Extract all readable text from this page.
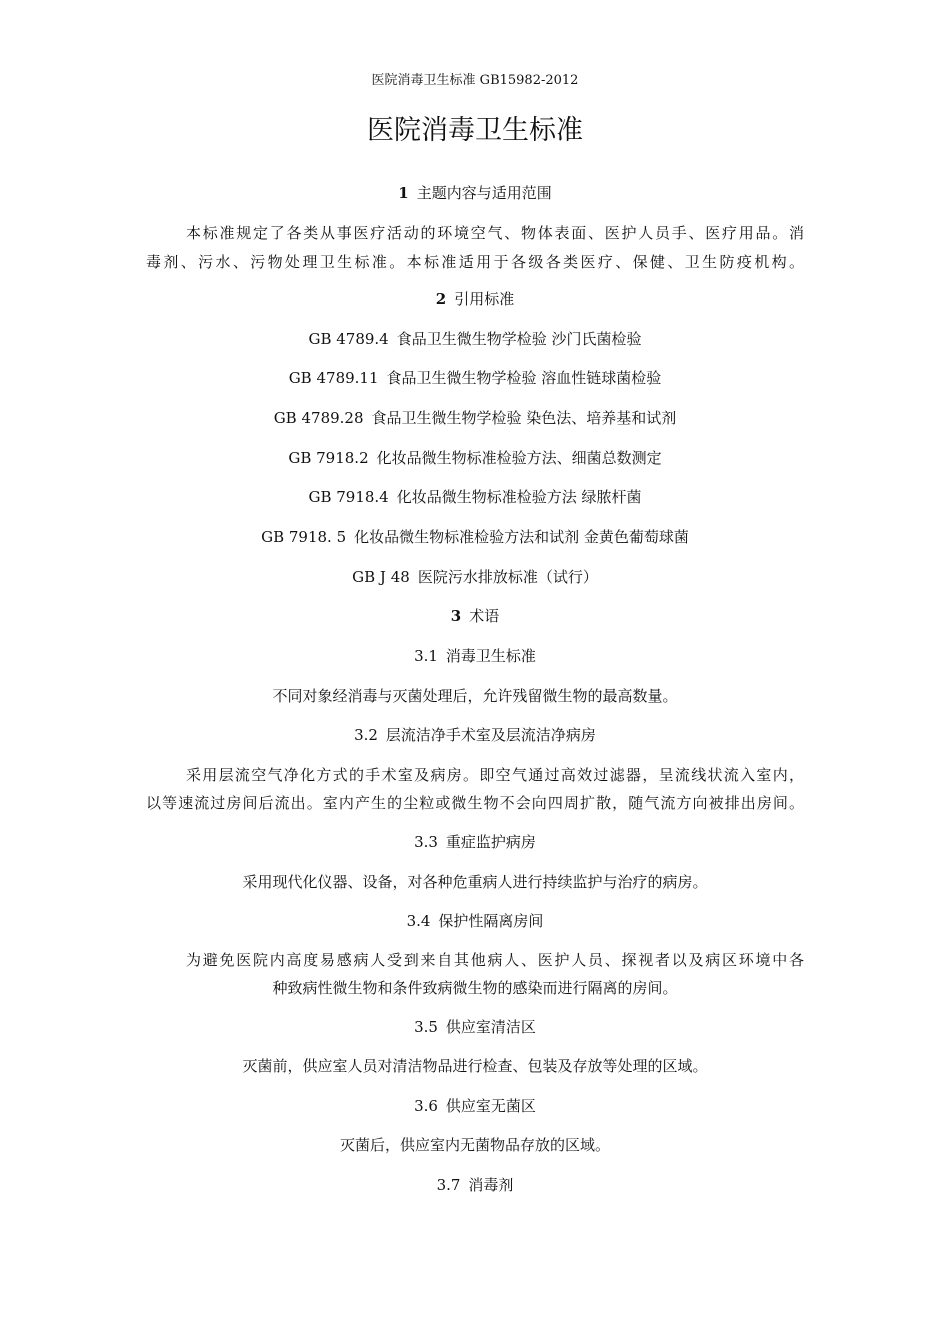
医院消毒卫生标准 GB15982-2012
医院消毒卫生标准
1 主题内容与适用范围
本标准规定了各类从事医疗活动的环境空气、物体表面、医护人员手、医疗用品。消
毒剂、污水、污物处理卫生标准。本标准适用于各级各类医疗、保健、卫生防疫机构。
2 引用标准
GB 4789.4 食品卫生微生物学检验 沙门氏菌检验
GB 4789.11 食品卫生微生物学检验 溶血性链球菌检验
GB 4789.28 食品卫生微生物学检验 染色法、培养基和试剂
GB 7918.2 化妆品微生物标准检验方法、细菌总数测定
GB 7918.4 化妆品微生物标准检验方法 绿脓杆菌
GB 7918. 5 化妆品微生物标准检验方法和试剂 金黄色葡萄球菌
GB J 48 医院污水排放标准（试行）
3 术语
3.1 消毒卫生标准
不同对象经消毒与灭菌处理后，允许残留微生物的最高数量。
3.2 层流洁净手术室及层流洁净病房
采用层流空气净化方式的手术室及病房。即空气通过高效过滤器，呈流线状流入室内，
以等速流过房间后流出。室内产生的尘粒或微生物不会向四周扩散，随气流方向被排出房间。
3.3 重症监护病房
采用现代化仪器、设备，对各种危重病人进行持续监护与治疗的病房。
3.4 保护性隔离房间
为避免医院内高度易感病人受到来自其他病人、医护人员、探视者以及病区环境中各
种致病性微生物和条件致病微生物的感染而进行隔离的房间。
3.5 供应室清洁区
灭菌前，供应室人员对清洁物品进行检查、包装及存放等处理的区域。
3.6 供应室无菌区
灭菌后，供应室内无菌物品存放的区域。
3.7 消毒剂
